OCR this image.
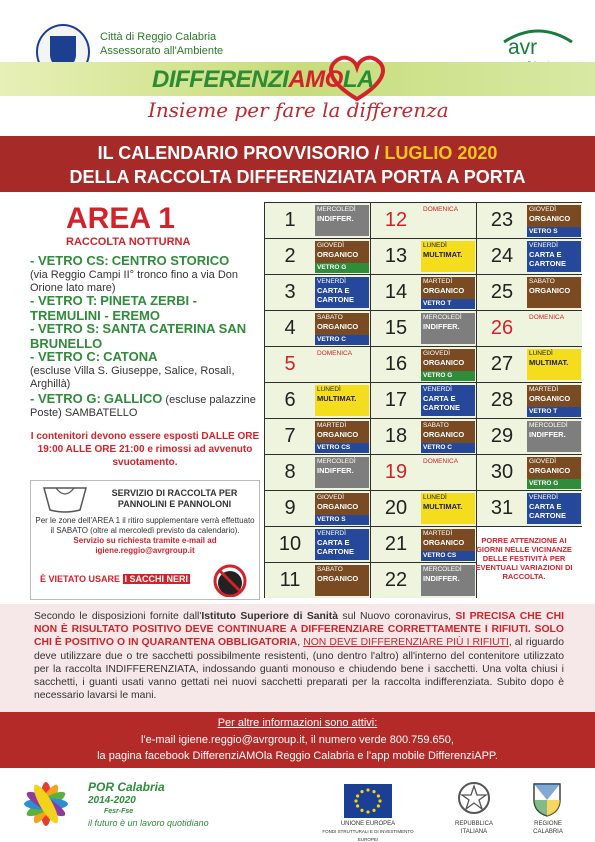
Città di Reggio Calabria
Assessorato all'Ambiente	avr
DIFFERENZIAMOLA
Insieme per fare la differenza
IL CALENDARIO PROVVISORIO / LUGLIO 2020
DELLA RACCOLTA DIFFERENZIATA PORTA A PORTA
AREA 1
RACCOLTA NOTTURNA
- VETRO CS: CENTRO STORICO
(via Reggio Campi II° tronco fino a via Don Orione lato mare)
- VETRO T: PINETA ZERBI - TREMULINI - EREMO
- VETRO S: SANTA CATERINA SAN BRUNELLO
- VETRO C: CATONA
(escluse Villa S. Giuseppe, Salice, Rosalì, Arghillà)
- VETRO G: GALLICO (escluse palazzine Poste) SAMBATELLO
I contenitori devono essere esposti DALLE ORE 19:00 ALLE ORE 21:00 e rimossi ad avvenuto svuotamento.
SERVIZIO DI RACCOLTA PER PANNOLINI E PANNOLONI
Per le zone dell'AREA 1 il ritiro supplementare verrà effettuato il SABATO (oltre al mercoledì previsto da calendario). Servizio su richiesta tramite e-mail ad igiene.reggio@avrgroup.it
È VIETATO USARE I SACCHI NERI
1	MERCOLEDÌ
INDIFFER.
2	GIOVEDÌ
ORGANICO
VETRO G
3	VENERDÌ
CARTA E CARTONE
4	SABATO
ORGANICO
VETRO C
5	DOMENICA
6	LUNEDÌ
MULTIMAT.
7	MARTEDÌ
ORGANICO
VETRO CS
8	MERCOLEDÌ
INDIFFER.
9	GIOVEDÌ
ORGANICO
VETRO S
10	VENERDÌ
CARTA E CARTONE
11	SABATO
ORGANICO
12	DOMENICA
13	LUNEDÌ
MULTIMAT.
14	MARTEDÌ
ORGANICO
VETRO T
15	MERCOLEDÌ
INDIFFER.
16	GIOVEDÌ
ORGANICO
VETRO G
17	VENERDÌ
CARTA E CARTONE
18	SABATO
ORGANICO
VETRO C
19	DOMENICA
20	LUNEDÌ
MULTIMAT.
21	MARTEDÌ
ORGANICO
VETRO CS
22	MERCOLEDÌ
INDIFFER.
23	GIOVEDÌ
ORGANICO
VETRO S
24	VENERDÌ
CARTA E CARTONE
25	SABATO
ORGANICO
26	DOMENICA
27	LUNEDÌ
MULTIMAT.
28	MARTEDÌ
ORGANICO
VETRO T
29	MERCOLEDÌ
INDIFFER.
30	GIOVEDÌ
ORGANICO
VETRO G
31	VENERDÌ
CARTA E CARTONE
PORRE ATTENZIONE AI GIORNI NELLE VICINANZE DELLE FESTIVITÀ PER EVENTUALI VARIAZIONI DI RACCOLTA.
Secondo le disposizioni fornite dall'Istituto Superiore di Sanità sul Nuovo coronavirus, SI PRECISA CHE CHI NON È RISULTATO POSITIVO DEVE CONTINUARE A DIFFERENZIARE CORRETTAMENTE I RIFIUTI. SOLO CHI È POSITIVO O IN QUARANTENA OBBLIGATORIA, NON DEVE DIFFERENZIARE PIÙ I RIFIUTI, al riguardo deve utilizzare due o tre sacchetti possibilmente resistenti, (uno dentro l'altro) all'interno del contenitore utilizzato per la raccolta INDIFFERENZIATA, indossando guanti monouso e chiudendo bene i sacchetti. Una volta chiusi i sacchetti, i guanti usati vanno gettati nei nuovi sacchetti preparati per la raccolta indifferenziata. Subito dopo è necessario lavarsi le mani.
Per altre informazioni sono attivi:
l'e-mail igiene.reggio@avrgroup.it, il numero verde 800.759.650,
la pagina facebook DifferenziAMOla Reggio Calabria e l'app mobile DifferenziAPP.
POR Calabria
2014-2020
Fesr-Fse
il futuro è un lavoro quotidiano	UNIONE EUROPEA
FONDI STRUTTURALI E DI INVESTIMENTO EUROPEI
REPUBBLICA ITALIANA
REGIONE CALABRIA
